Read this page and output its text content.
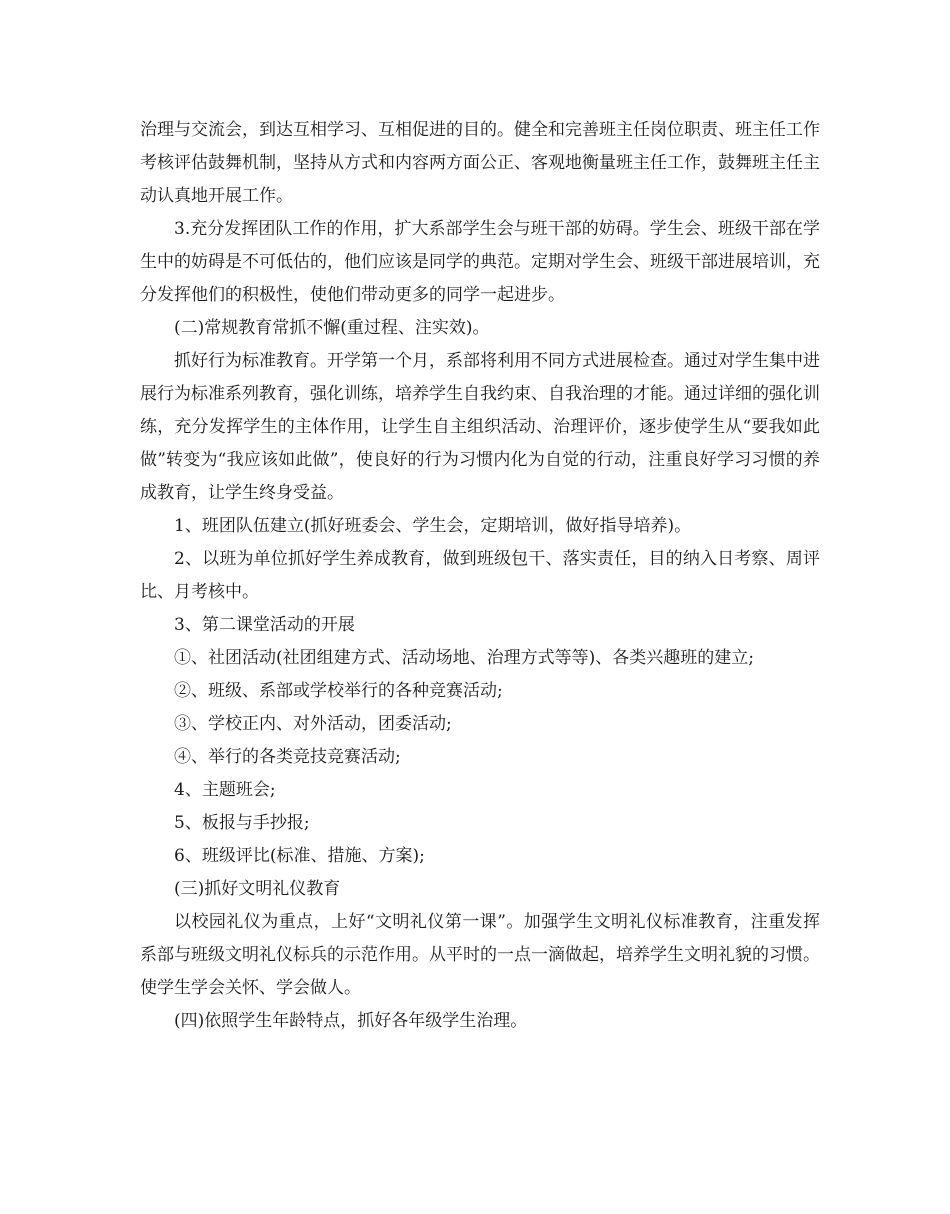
治理与交流会，到达互相学习、互相促进的目的。健全和完善班主任岗位职责、班主任工作考核评估鼓舞机制，坚持从方式和内容两方面公正、客观地衡量班主任工作，鼓舞班主任主动认真地开展工作。

3.充分发挥团队工作的作用，扩大系部学生会与班干部的妨碍。学生会、班级干部在学生中的妨碍是不可低估的，他们应该是同学的典范。定期对学生会、班级干部进展培训，充分发挥他们的积极性，使他们带动更多的同学一起进步。

(二)常规教育常抓不懈(重过程、注实效)。

抓好行为标准教育。开学第一个月，系部将利用不同方式进展检查。通过对学生集中进展行为标准系列教育，强化训练，培养学生自我约束、自我治理的才能。通过详细的强化训练，充分发挥学生的主体作用，让学生自主组织活动、治理评价，逐步使学生从“要我如此做”转变为“我应该如此做”，使良好的行为习惯内化为自觉的行动，注重良好学习习惯的养成教育，让学生终身受益。

1、班团队伍建立(抓好班委会、学生会，定期培训，做好指导培养)。

2、以班为单位抓好学生养成教育，做到班级包干、落实责任，目的纳入日考察、周评比、月考核中。

3、第二课堂活动的开展

①、社团活动(社团组建方式、活动场地、治理方式等等)、各类兴趣班的建立;

②、班级、系部或学校举行的各种竞赛活动;

③、学校正内、对外活动，团委活动;

④、举行的各类竞技竞赛活动;

4、主题班会;

5、板报与手抄报;

6、班级评比(标准、措施、方案);

(三)抓好文明礼仪教育

以校园礼仪为重点，上好“文明礼仪第一课”。加强学生文明礼仪标准教育，注重发挥系部与班级文明礼仪标兵的示范作用。从平时的一点一滴做起，培养学生文明礼貌的习惯。使学生学会关怀、学会做人。

(四)依照学生年龄特点，抓好各年级学生治理。
